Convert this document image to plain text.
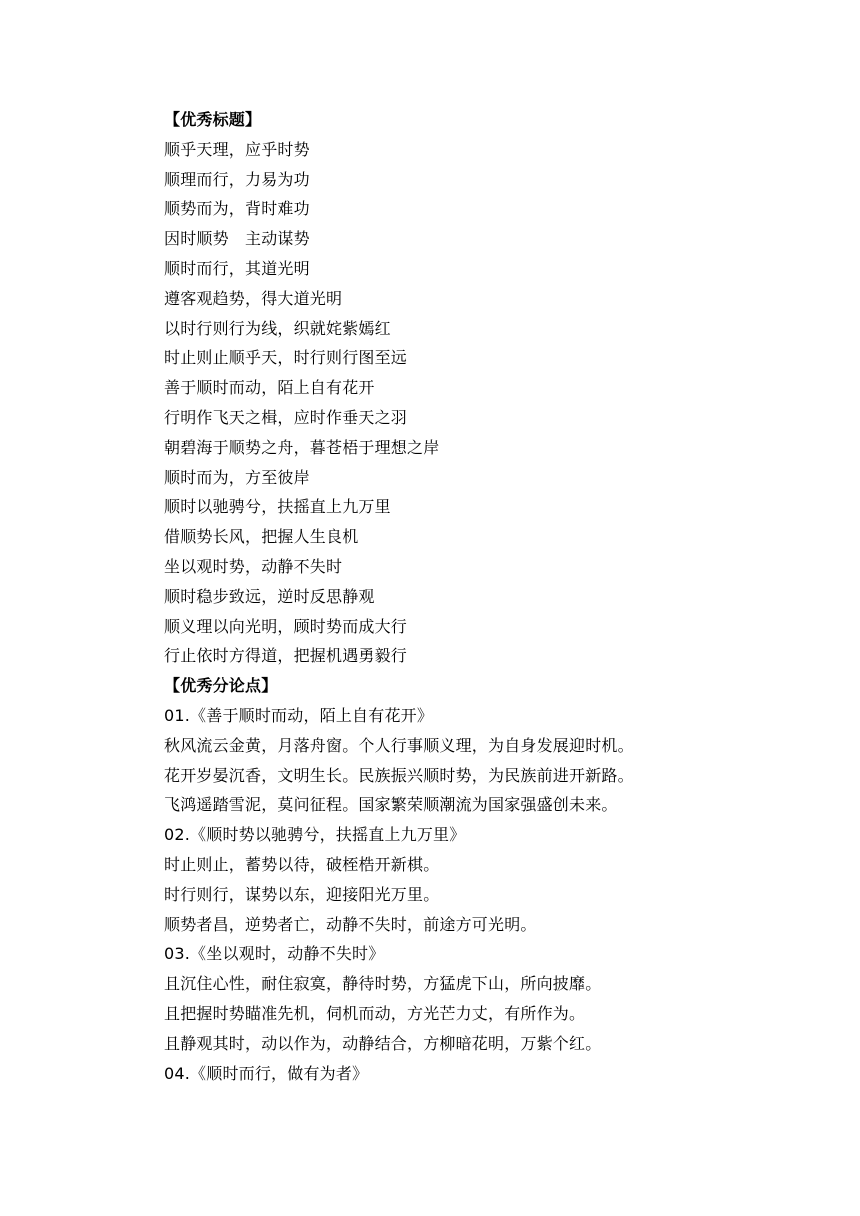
【优秀标题】
顺乎天理，应乎时势
顺理而行，力易为功
顺势而为，背时难功
因时顺势　主动谋势
顺时而行，其道光明
遵客观趋势，得大道光明
以时行则行为线，织就姹紫嫣红
时止则止顺乎天，时行则行图至远
善于顺时而动，陌上自有花开
行明作飞天之楫，应时作垂天之羽
朝碧海于顺势之舟，暮苍梧于理想之岸
顺时而为，方至彼岸
顺时以驰骋兮，扶摇直上九万里
借顺势长风，把握人生良机
坐以观时势，动静不失时
顺时稳步致远，逆时反思静观
顺义理以向光明，顾时势而成大行
行止依时方得道，把握机遇勇毅行
【优秀分论点】
01.《善于顺时而动，陌上自有花开》
秋风流云金黄，月落舟窗。个人行事顺义理，为自身发展迎时机。
花开岁晏沉香，文明生长。民族振兴顺时势，为民族前进开新路。
飞鸿遥踏雪泥，莫问征程。国家繁荣顺潮流为国家强盛创未来。
02.《顺时势以驰骋兮，扶摇直上九万里》
时止则止，蓄势以待，破桎梏开新棋。
时行则行，谋势以东，迎接阳光万里。
顺势者昌，逆势者亡，动静不失时，前途方可光明。
03.《坐以观时，动静不失时》
且沉住心性，耐住寂寞，静待时势，方猛虎下山，所向披靡。
且把握时势瞄准先机，伺机而动，方光芒力丈，有所作为。
且静观其时，动以作为，动静结合，方柳暗花明，万紫个红。
04.《顺时而行，做有为者》
